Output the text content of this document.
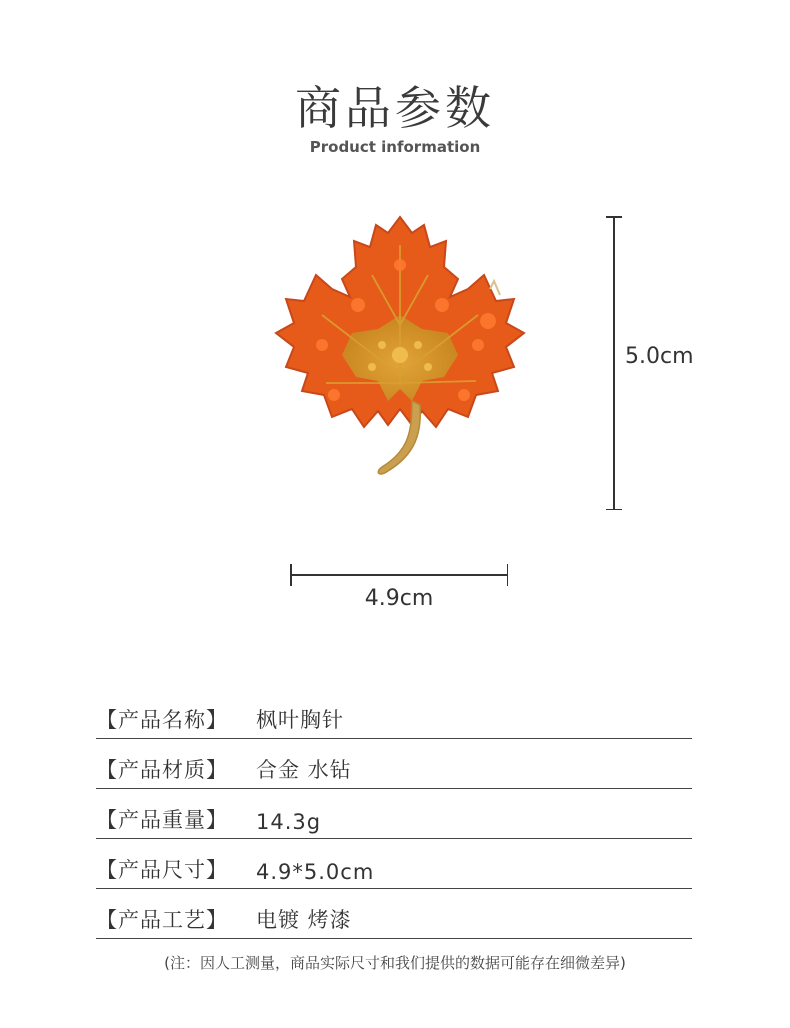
商品参数
Product information
5.0cm
4.9cm
【产品名称】 枫叶胸针
【产品材质】 合金 水钻
【产品重量】 14.3g
【产品尺寸】 4.9*5.0cm
【产品工艺】 电镀 烤漆
(注：因人工测量，商品实际尺寸和我们提供的数据可能存在细微差异)
